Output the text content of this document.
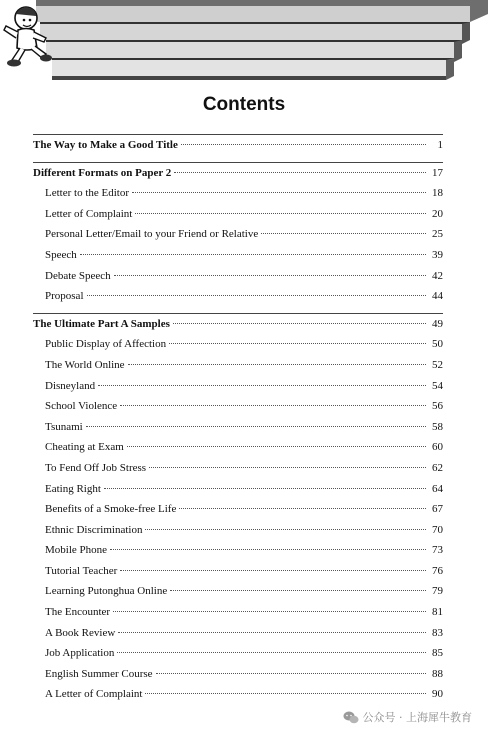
Contents
The Way to Make a Good Title	1
Different Formats on Paper 2	17
Letter to the Editor	18
Letter of Complaint	20
Personal Letter/Email to your Friend or Relative	25
Speech	39
Debate Speech	42
Proposal	44
The Ultimate Part A Samples	49
Public Display of Affection	50
The World Online	52
Disneyland	54
School Violence	56
Tsunami	58
Cheating at Exam	60
To Fend Off Job Stress	62
Eating Right	64
Benefits of a Smoke-free Life	67
Ethnic Discrimination	70
Mobile Phone	73
Tutorial Teacher	76
Learning Putonghua Online	79
The Encounter	81
A Book Review	83
Job Application	85
English Summer Course	88
A Letter of Complaint	90
公众号 · 上海犀牛教育
